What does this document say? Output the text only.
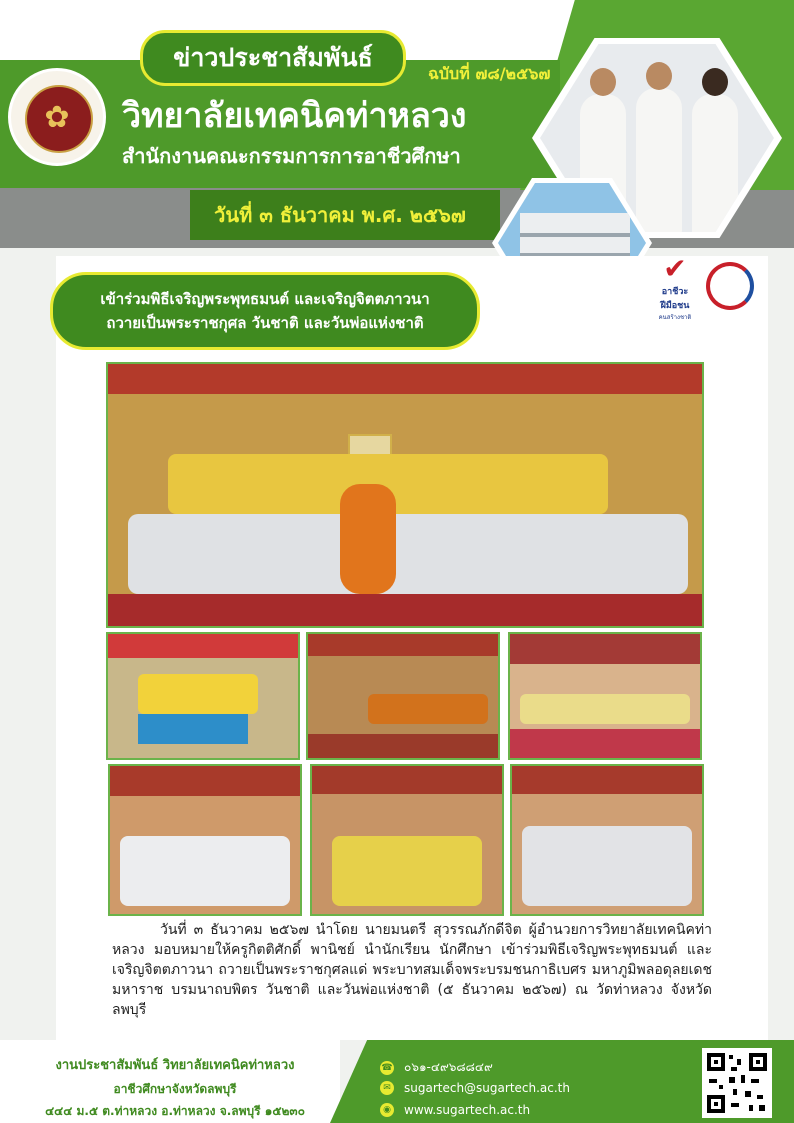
✿
ข่าวประชาสัมพันธ์
ฉบับที่ ๗๘/๒๕๖๗
วิทยาลัยเทคนิคท่าหลวง
สำนักงานคณะกรรมการการอาชีวศึกษา
วันที่ ๓ ธันวาคม พ.ศ. ๒๕๖๗
✔
อาชีวะ ฝีมือชน
คนสร้างชาติ
เข้าร่วมพิธีเจริญพระพุทธมนต์ และเจริญจิตตภาวนา
ถวายเป็นพระราชกุศล วันชาติ และวันพ่อแห่งชาติ

วันที่ ๓ ธันวาคม ๒๕๖๗ นำโดย นายมนตรี สุวรรณภักดีจิต ผู้อำนวยการวิทยาลัยเทคนิคท่าหลวง มอบหมายให้ครูกิตติศักดิ์ พานิชย์ นำนักเรียน นักศึกษา เข้าร่วมพิธีเจริญพระพุทธมนต์ และเจริญจิตตภาวนา ถวายเป็นพระราชกุศลแด่ พระบาทสมเด็จพระบรมชนกาธิเบศร มหาภูมิพลอดุลยเดชมหาราช บรมนาถบพิตร วันชาติ และวันพ่อแห่งชาติ (๕ ธันวาคม ๒๕๖๗) ณ วัดท่าหลวง จังหวัดลพบุรี

งานประชาสัมพันธ์ วิทยาลัยเทคนิคท่าหลวง
อาชีวศึกษาจังหวัดลพบุรี
๔๔๔ ม.๕ ต.ท่าหลวง อ.ท่าหลวง จ.ลพบุรี ๑๕๒๓๐
☎ ๐๖๑-๔๙๖๘๘๔๙
✉ sugartech@sugartech.ac.th
◉ www.sugartech.ac.th
